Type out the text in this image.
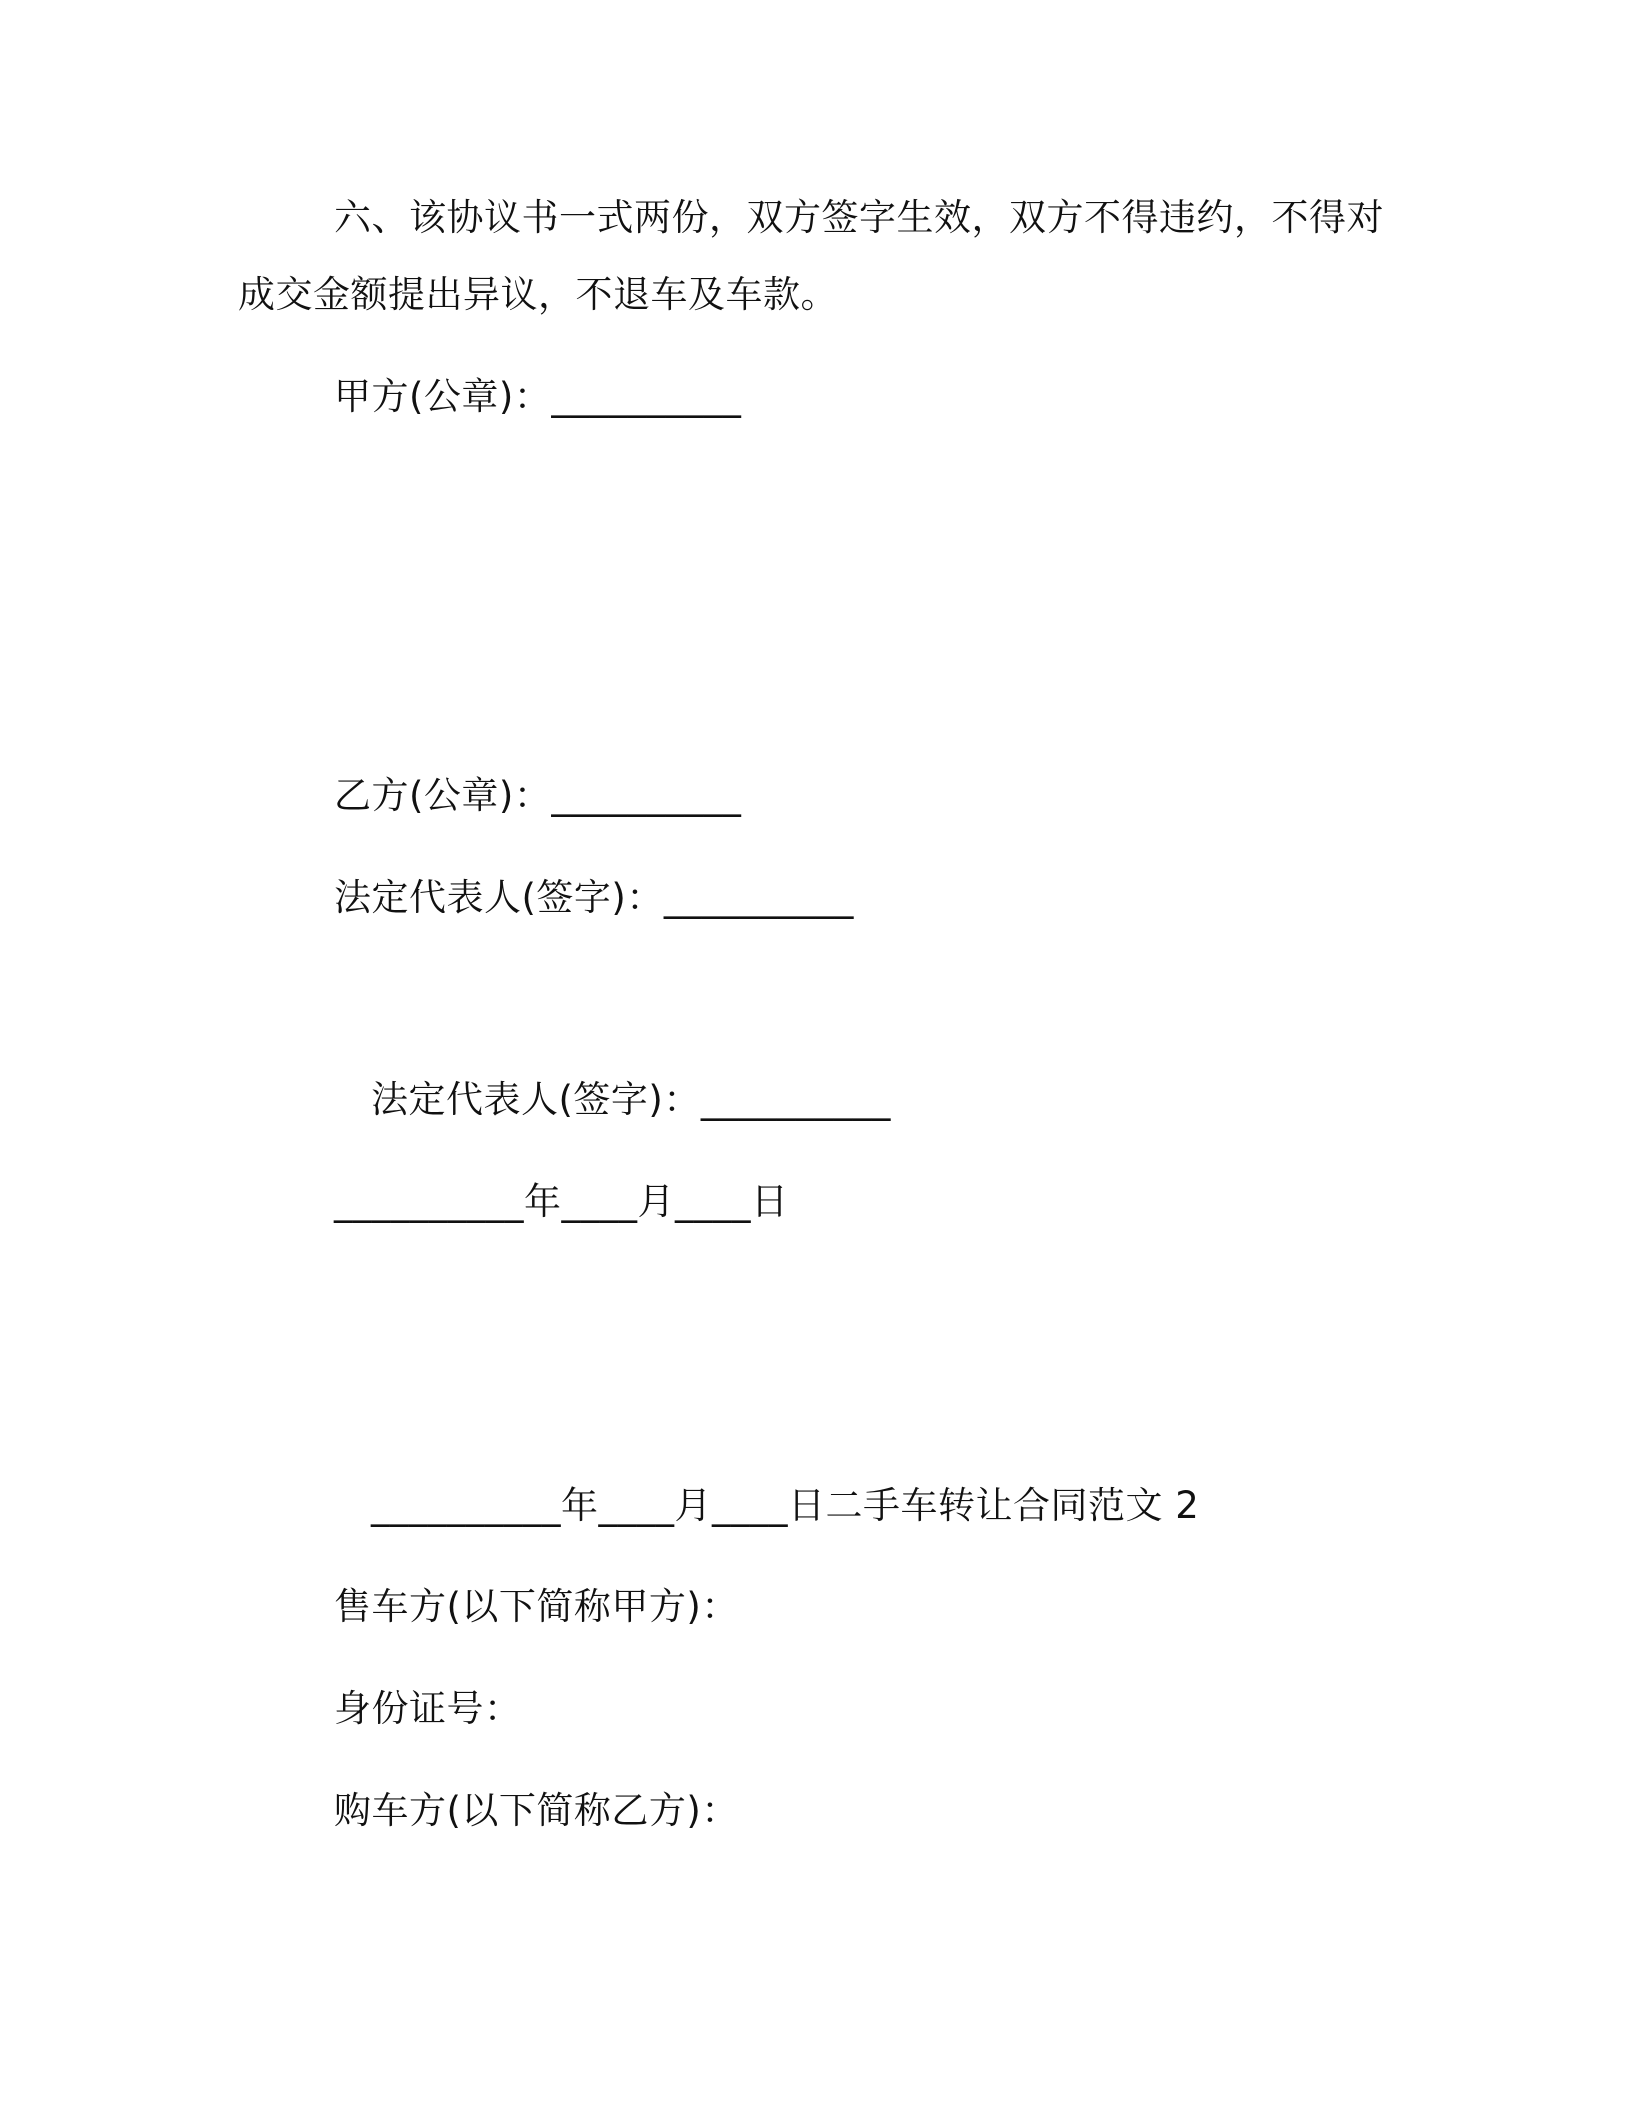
六、该协议书一式两份，双方签字生效，双方不得违约，不得对
成交金额提出异议，不退车及车款。
甲方(公章)：__________
乙方(公章)：__________
法定代表人(签字)：__________
法定代表人(签字)：__________
__________年____月____日
__________年____月____日二手车转让合同范文 2
售车方(以下简称甲方)：
身份证号：
购车方(以下简称乙方)：
